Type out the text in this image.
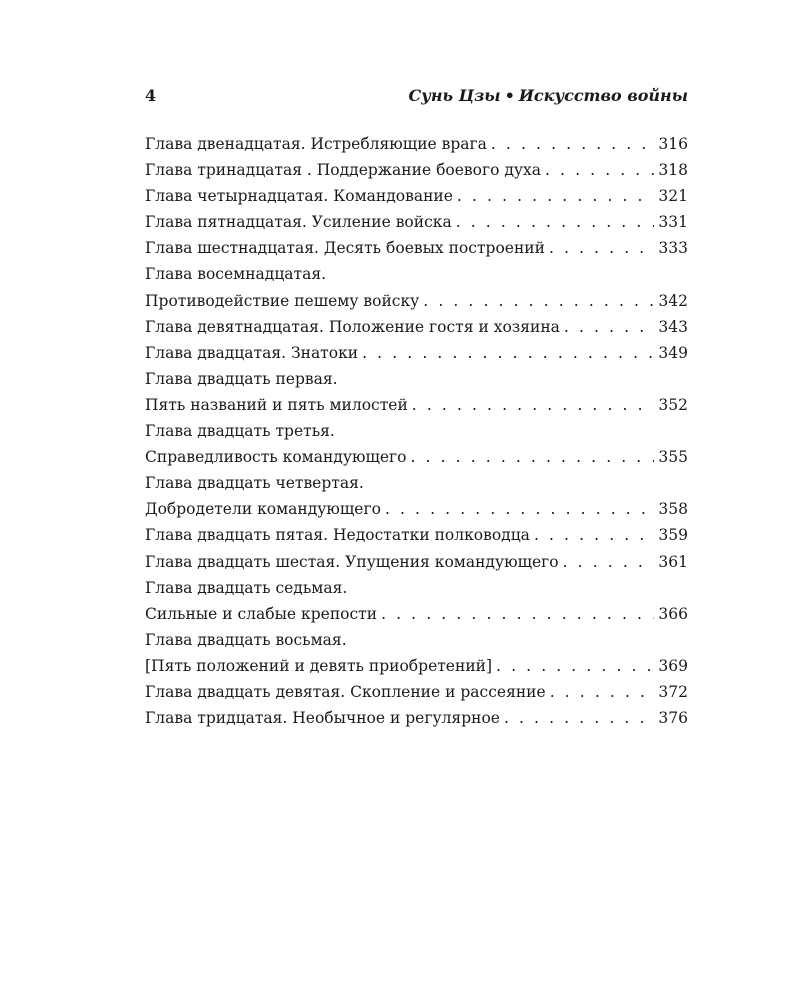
4	Сунь Цзы • Искусство войны
Глава двенадцатая. Истребляющие врага . . .	316
Глава тринадцатая . Поддержание боевого духа . . .	318
Глава четырнадцатая. Командование . . .	321
Глава пятнадцатая. Усиление войска . . .	331
Глава шестнадцатая. Десять боевых построений . . .	333
Глава восемнадцатая.
Противодействие пешему войску . . .	342
Глава девятнадцатая. Положение гостя и хозяина . . .	343
Глава двадцатая. Знатоки . . .	349
Глава двадцать первая.
Пять названий и пять милостей . . .	352
Глава двадцать третья.
Справедливость командующего . . .	355
Глава двадцать четвертая.
Добродетели командующего . . .	358
Глава двадцать пятая. Недостатки полководца . . .	359
Глава двадцать шестая. Упущения командующего . . .	361
Глава двадцать седьмая.
Сильные и слабые крепости . . .	366
Глава двадцать восьмая.
[Пять положений и девять приобретений] . . .	369
Глава двадцать девятая. Скопление и рассеяние . . .	372
Глава тридцатая. Необычное и регулярное . . .	376
